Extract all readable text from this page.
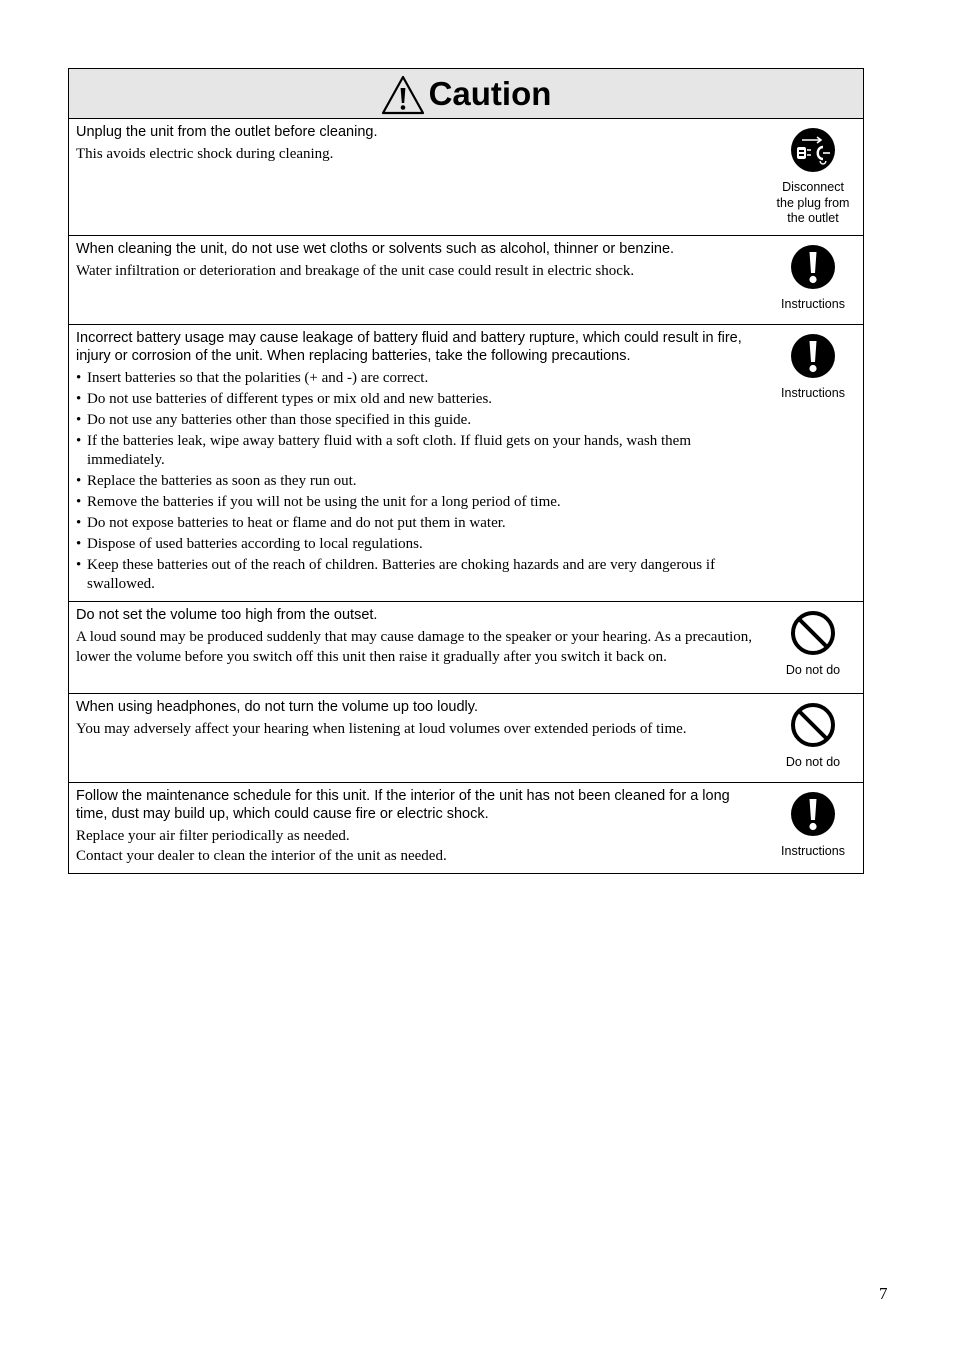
Caution

Unplug the unit from the outlet before cleaning.

This avoids electric shock during cleaning.

Disconnect
the plug from
the outlet

When cleaning the unit, do not use wet cloths or solvents such as alcohol, thinner or benzine.

Water infiltration or deterioration and breakage of the unit case could result in electric shock.

Instructions

Incorrect battery usage may cause leakage of battery fluid and battery rupture, which could result in fire, injury or corrosion of the unit. When replacing batteries, take the following precautions.

• Insert batteries so that the polarities (+ and -) are correct.
• Do not use batteries of different types or mix old and new batteries.
• Do not use any batteries other than those specified in this guide.
• If the batteries leak, wipe away battery fluid with a soft cloth. If fluid gets on your hands, wash them immediately.
• Replace the batteries as soon as they run out.
• Remove the batteries if you will not be using the unit for a long period of time.
• Do not expose batteries to heat or flame and do not put them in water.
• Dispose of used batteries according to local regulations.
• Keep these batteries out of the reach of children. Batteries are choking hazards and are very dangerous if swallowed.
Instructions

Do not set the volume too high from the outset.

A loud sound may be produced suddenly that may cause damage to the speaker or your hearing. As a precaution, lower the volume before you switch off this unit then raise it gradually after you switch it back on.

Do not do

When using headphones, do not turn the volume up too loudly.

You may adversely affect your hearing when listening at loud volumes over extended periods of time.

Do not do

Follow the maintenance schedule for this unit. If the interior of the unit has not been cleaned for a long time, dust may build up, which could cause fire or electric shock.

Replace your air filter periodically as needed.

Contact your dealer to clean the interior of the unit as needed.	Instructions
7
